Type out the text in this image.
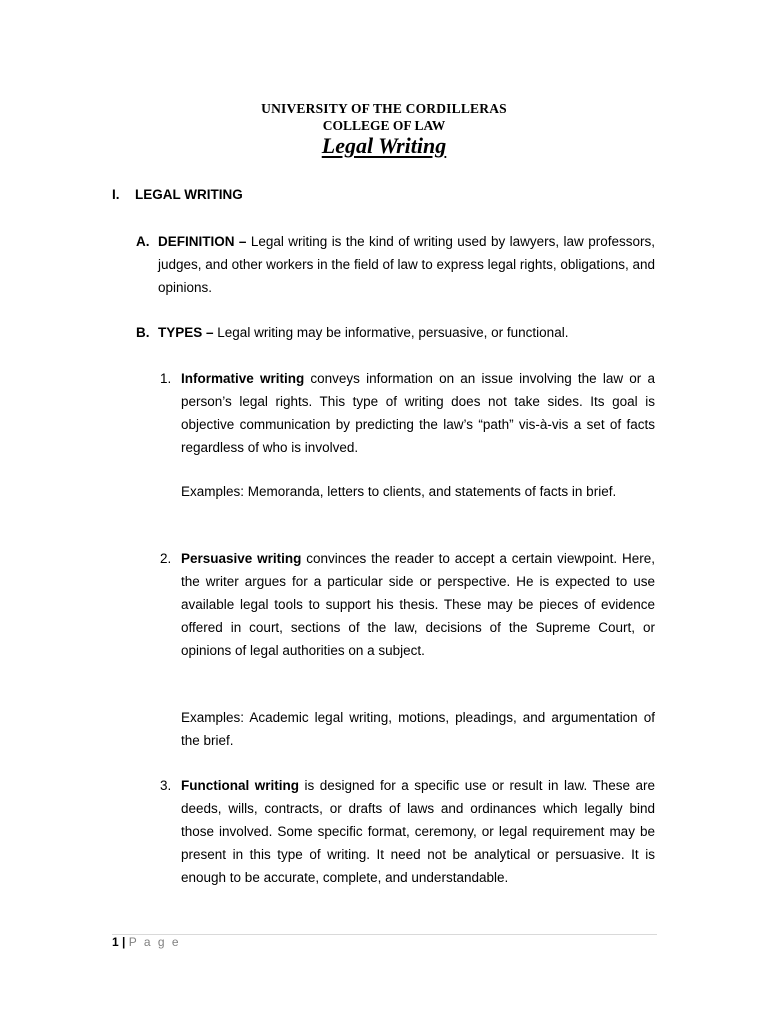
UNIVERSITY OF THE CORDILLERAS
COLLEGE OF LAW
Legal Writing
I. LEGAL WRITING
A. DEFINITION – Legal writing is the kind of writing used by lawyers, law professors, judges, and other workers in the field of law to express legal rights, obligations, and opinions.
B. TYPES – Legal writing may be informative, persuasive, or functional.
1. Informative writing conveys information on an issue involving the law or a person’s legal rights. This type of writing does not take sides. Its goal is objective communication by predicting the law’s “path” vis-à-vis a set of facts regardless of who is involved.
Examples: Memoranda, letters to clients, and statements of facts in brief.
2. Persuasive writing convinces the reader to accept a certain viewpoint. Here, the writer argues for a particular side or perspective. He is expected to use available legal tools to support his thesis. These may be pieces of evidence offered in court, sections of the law, decisions of the Supreme Court, or opinions of legal authorities on a subject.
Examples: Academic legal writing, motions, pleadings, and argumentation of the brief.
3. Functional writing is designed for a specific use or result in law. These are deeds, wills, contracts, or drafts of laws and ordinances which legally bind those involved. Some specific format, ceremony, or legal requirement may be present in this type of writing. It need not be analytical or persuasive. It is enough to be accurate, complete, and understandable.
1 | P a g e
